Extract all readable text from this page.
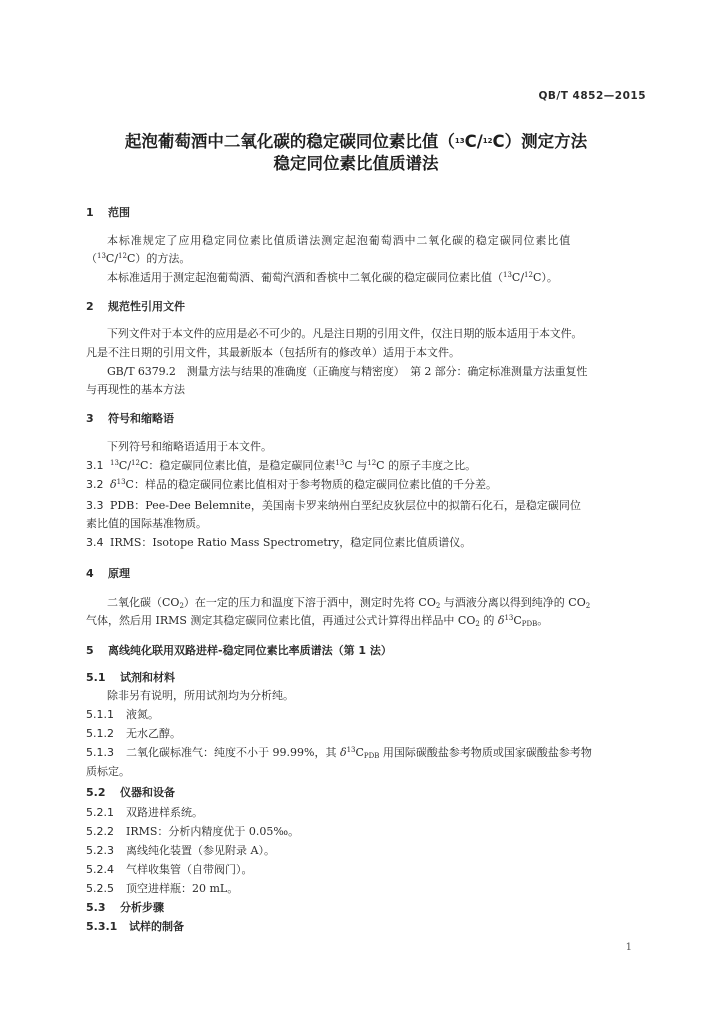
QB/T 4852—2015
起泡葡萄酒中二氧化碳的稳定碳同位素比值（$^{13}$C/$^{12}$C）测定方法
稳定同位素比值质谱法
1 范围
本标准规定了应用稳定同位素比值质谱法测定起泡葡萄酒中二氧化碳的稳定碳同位素比值
（$^{13}$C/$^{12}$C）的方法。
本标准适用于测定起泡葡萄酒、葡萄汽酒和香槟中二氧化碳的稳定碳同位素比值（$^{13}$C/$^{12}$C）。
2 规范性引用文件
下列文件对于本文件的应用是必不可少的。凡是注日期的引用文件，仅注日期的版本适用于本文件。
凡是不注日期的引用文件，其最新版本（包括所有的修改单）适用于本文件。
GB/T 6379.2　测量方法与结果的准确度（正确度与精密度）　第 2 部分：确定标准测量方法重复性
与再现性的基本方法
3 符号和缩略语
下列符号和缩略语适用于本文件。
3.1 $^{13}$C/$^{12}$C：稳定碳同位素比值，是稳定碳同位素$^{13}$C 与$^{12}$C 的原子丰度之比。
3.2 $\delta^{13}C$：样品的稳定碳同位素比值相对于参考物质的稳定碳同位素比值的千分差。
3.3 PDB：Pee-Dee Belemnite，美国南卡罗来纳州白垩纪皮狄层位中的拟箭石化石，是稳定碳同位
素比值的国际基准物质。
3.4 IRMS：Isotope Ratio Mass Spectrometry，稳定同位素比值质谱仪。
4 原理
二氧化碳$(CO_2)$在一定的压力和温度下溶于酒中，测定时先将 $CO_2$ 与酒液分离以得到纯净的 $CO_2$
气体，然后用 IRMS 测定其稳定碳同位素比值，再通过公式计算得出样品中 $CO_2$ 的 $\delta^{13}C_{PDB}$。
5 离线纯化联用双路进样-稳定同位素比率质谱法（第 1 法）
5.1 试剂和材料
除非另有说明，所用试剂均为分析纯。
5.1.1 液氮。
5.1.2 无水乙醇。
5.1.3 二氧化碳标准气：纯度不小于 99.99%，其 $\delta^{13}C_{PDB}$ 用国际碳酸盐参考物质或国家碳酸盐参考物
质标定。
5.2 仪器和设备
5.2.1 双路进样系统。
5.2.2 IRMS：分析内精度优于 0.05‰。
5.2.3 离线纯化装置（参见附录 A）。
5.2.4 气样收集管（自带阀门）。
5.2.5 顶空进样瓶：20 mL。
5.3 分析步骤
5.3.1 试样的制备
1
